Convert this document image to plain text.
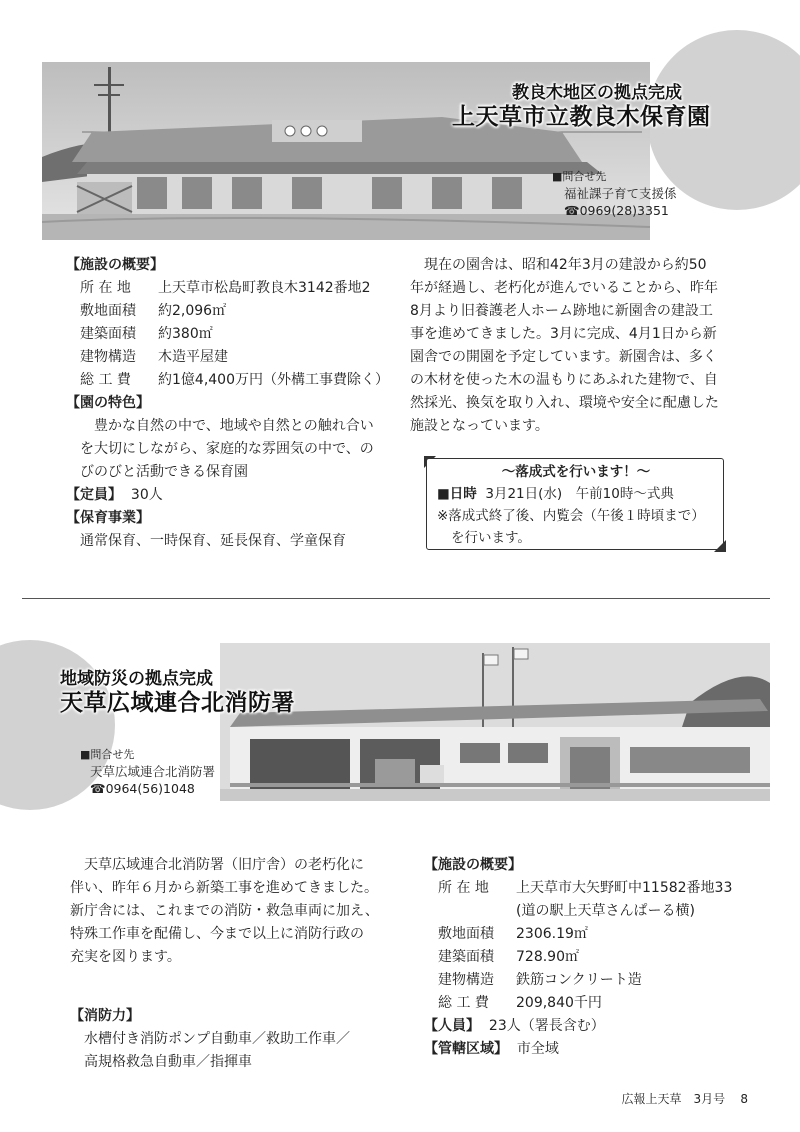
教良木地区の拠点完成
上天草市立教良木保育園
■問合せ先
福祉課子育て支援係
☎0969(28)3351
【施設の概要】
所 在 地	上天草市松島町教良木3142番地2
敷地面積	約2,096㎡
建築面積	約380㎡
建物構造	木造平屋建
総 工 費	約1億4,400万円（外構工事費除く）
【園の特色】
豊かな自然の中で、地域や自然との触れ合い
を大切にしながら、家庭的な雰囲気の中で、の
びのびと活動できる保育園
【定員】 30人
【保育事業】
通常保育、一時保育、延長保育、学童保育
現在の園舎は、昭和42年3月の建設から約50
年が経過し、老朽化が進んでいることから、昨年
8月より旧養護老人ホーム跡地に新園舎の建設工
事を進めてきました。3月に完成、4月1日から新
園舎での開園を予定しています。新園舎は、多く
の木材を使った木の温もりにあふれた建物で、自
然採光、換気を取り入れ、環境や安全に配慮した
施設となっています。
～落成式を行います！～
■日時 3月21日(水)　午前10時～式典
※落成式終了後、内覧会（午後１時頃まで）
を行います。
地域防災の拠点完成
天草広域連合北消防署
■問合せ先
天草広域連合北消防署
☎0964(56)1048
天草広域連合北消防署（旧庁舎）の老朽化に
伴い、昨年６月から新築工事を進めてきました。
新庁舎には、これまでの消防・救急車両に加え、
特殊工作車を配備し、今まで以上に消防行政の
充実を図ります。
【消防力】
水槽付き消防ポンプ自動車／救助工作車／
高規格救急自動車／指揮車
【施設の概要】
所 在 地	上天草市大矢野町中11582番地33
(道の駅上天草さんぱーる横)
敷地面積	2306.19㎡
建築面積	728.90㎡
建物構造	鉄筋コンクリート造
総 工 費	209,840千円
【人員】 23人（署長含む）
【管轄区域】 市全域
広報上天草　3月号 8
